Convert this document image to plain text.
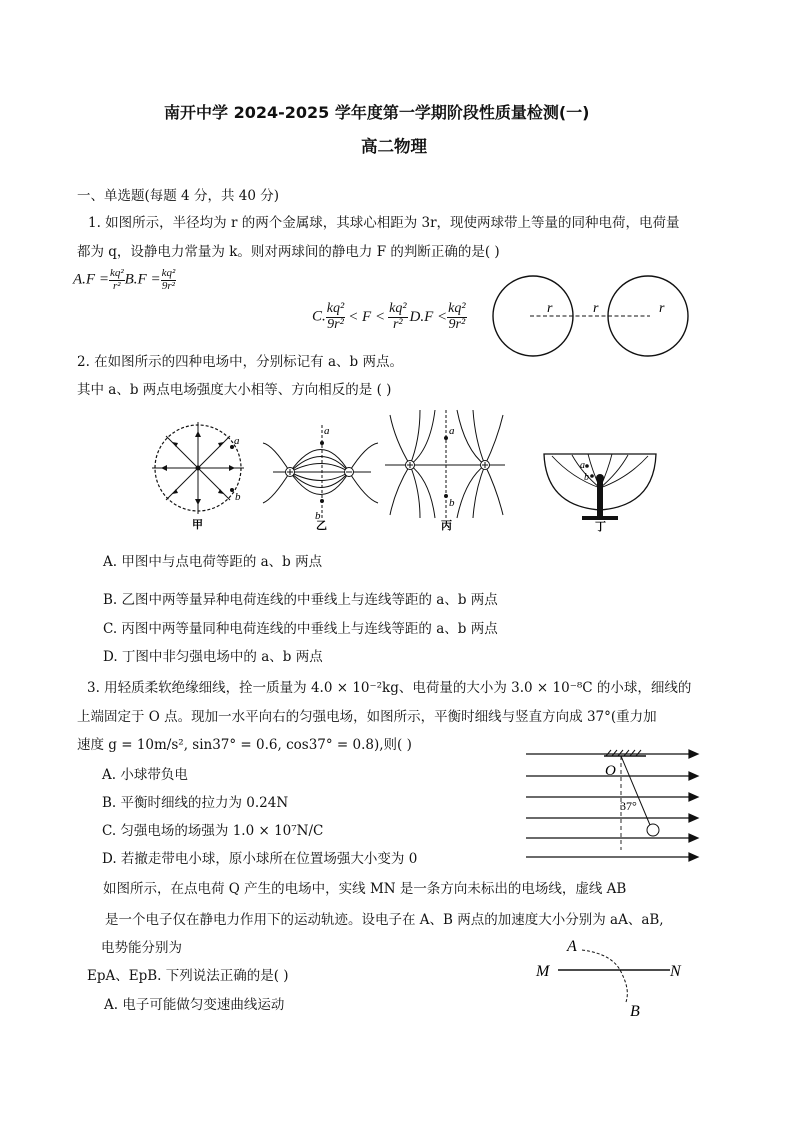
南开中学 2024-2025 学年度第一学期阶段性质量检测(一)
高二物理
一、单选题(每题 4 分，共 40 分)
1. 如图所示，半径均为 r 的两个金属球，其球心相距为 3r，现使两球带上等量的同种电荷，电荷量
都为 q，设静电力常量为 k。则对两球间的静电力 F 的判断正确的是( )
$A.F = \frac{\text{kq²}}{\text{r²}} B.F = \frac{\text{kq²}}{\text{9r²}}$
C. $\frac{\text{kq²}}{\text{9r²}} < F < \frac{\text{kq²}}{\text{r²}} D.F < \frac{\text{kq²}}{\text{9r²}}$	r	r	r
2. 在如图所示的四种电场中，分别标记有 a、b 两点。
其中 a、b 两点电场强度大小相等、方向相反的是 ( )
a
b
甲
a
b
乙
a
b
丙
a
b
丁
A. 甲图中与点电荷等距的 a、b 两点
B. 乙图中两等量异种电荷连线的中垂线上与连线等距的 a、b 两点
C. 丙图中两等量同种电荷连线的中垂线上与连线等距的 a、b 两点
D. 丁图中非匀强电场中的 a、b 两点
3. 用轻质柔软绝缘细线，拴一质量为 4.0 × 10⁻²kg、电荷量的大小为 3.0 × 10⁻⁸C 的小球，细线的
上端固定于 O 点。现加一水平向右的匀强电场，如图所示，平衡时细线与竖直方向成 37°(重力加
速度 g = 10m/s², sin37° = 0.6, cos37° = 0.8),则( )
A. 小球带负电
B. 平衡时细线的拉力为 0.24N
C. 匀强电场的场强为 1.0 × 10⁷N/C
D. 若撤走带电小球，原小球所在位置场强大小变为 0
O
37°
如图所示，在点电荷 Q 产生的电场中，实线 MN 是一条方向未标出的电场线，虚线 AB
是一个电子仅在静电力作用下的运动轨迹。设电子在 A、B 两点的加速度大小分别为 aA、aB,
电势能分别为
EpA、EpB. 下列说法正确的是( )
A. 电子可能做匀变速曲线运动
A
M	N
B
